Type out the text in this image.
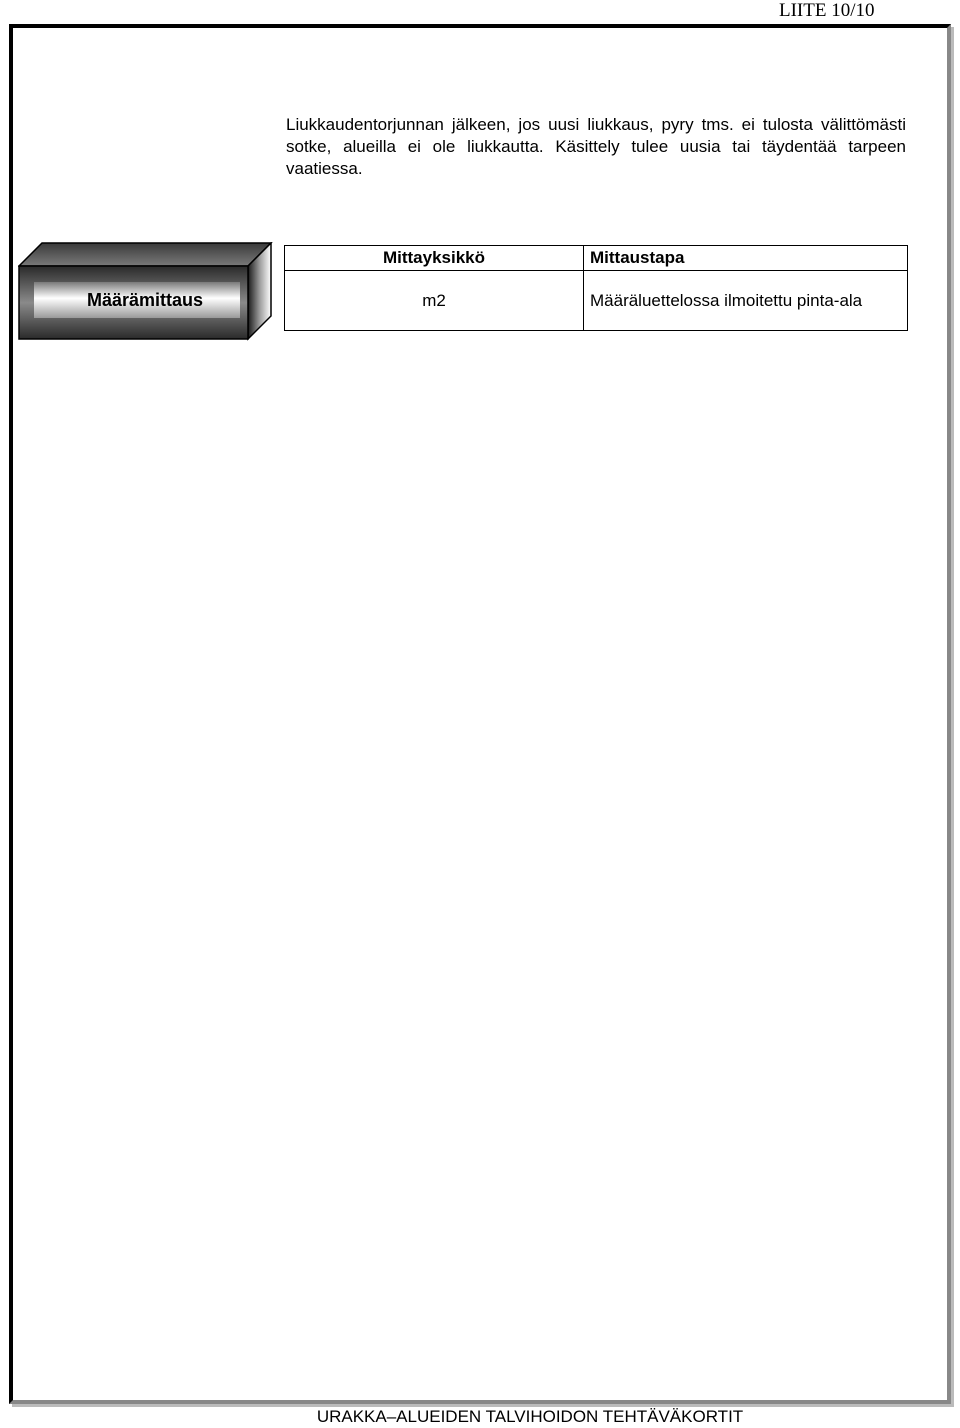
LIITE 10/10

Liukkaudentorjunnan jälkeen, jos uusi liukkaus, pyry tms. ei tulosta välittömästi sotke, alueilla ei ole liukkautta. Käsittely tulee uusia tai täydentää tarpeen vaatiessa.

Määrämittaus
Mittayksikkö	Mittaustapa
m2	Määräluettelossa ilmoitettu pinta-ala
URAKKA–ALUEIDEN TALVIHOIDON TEHTÄVÄKORTIT
